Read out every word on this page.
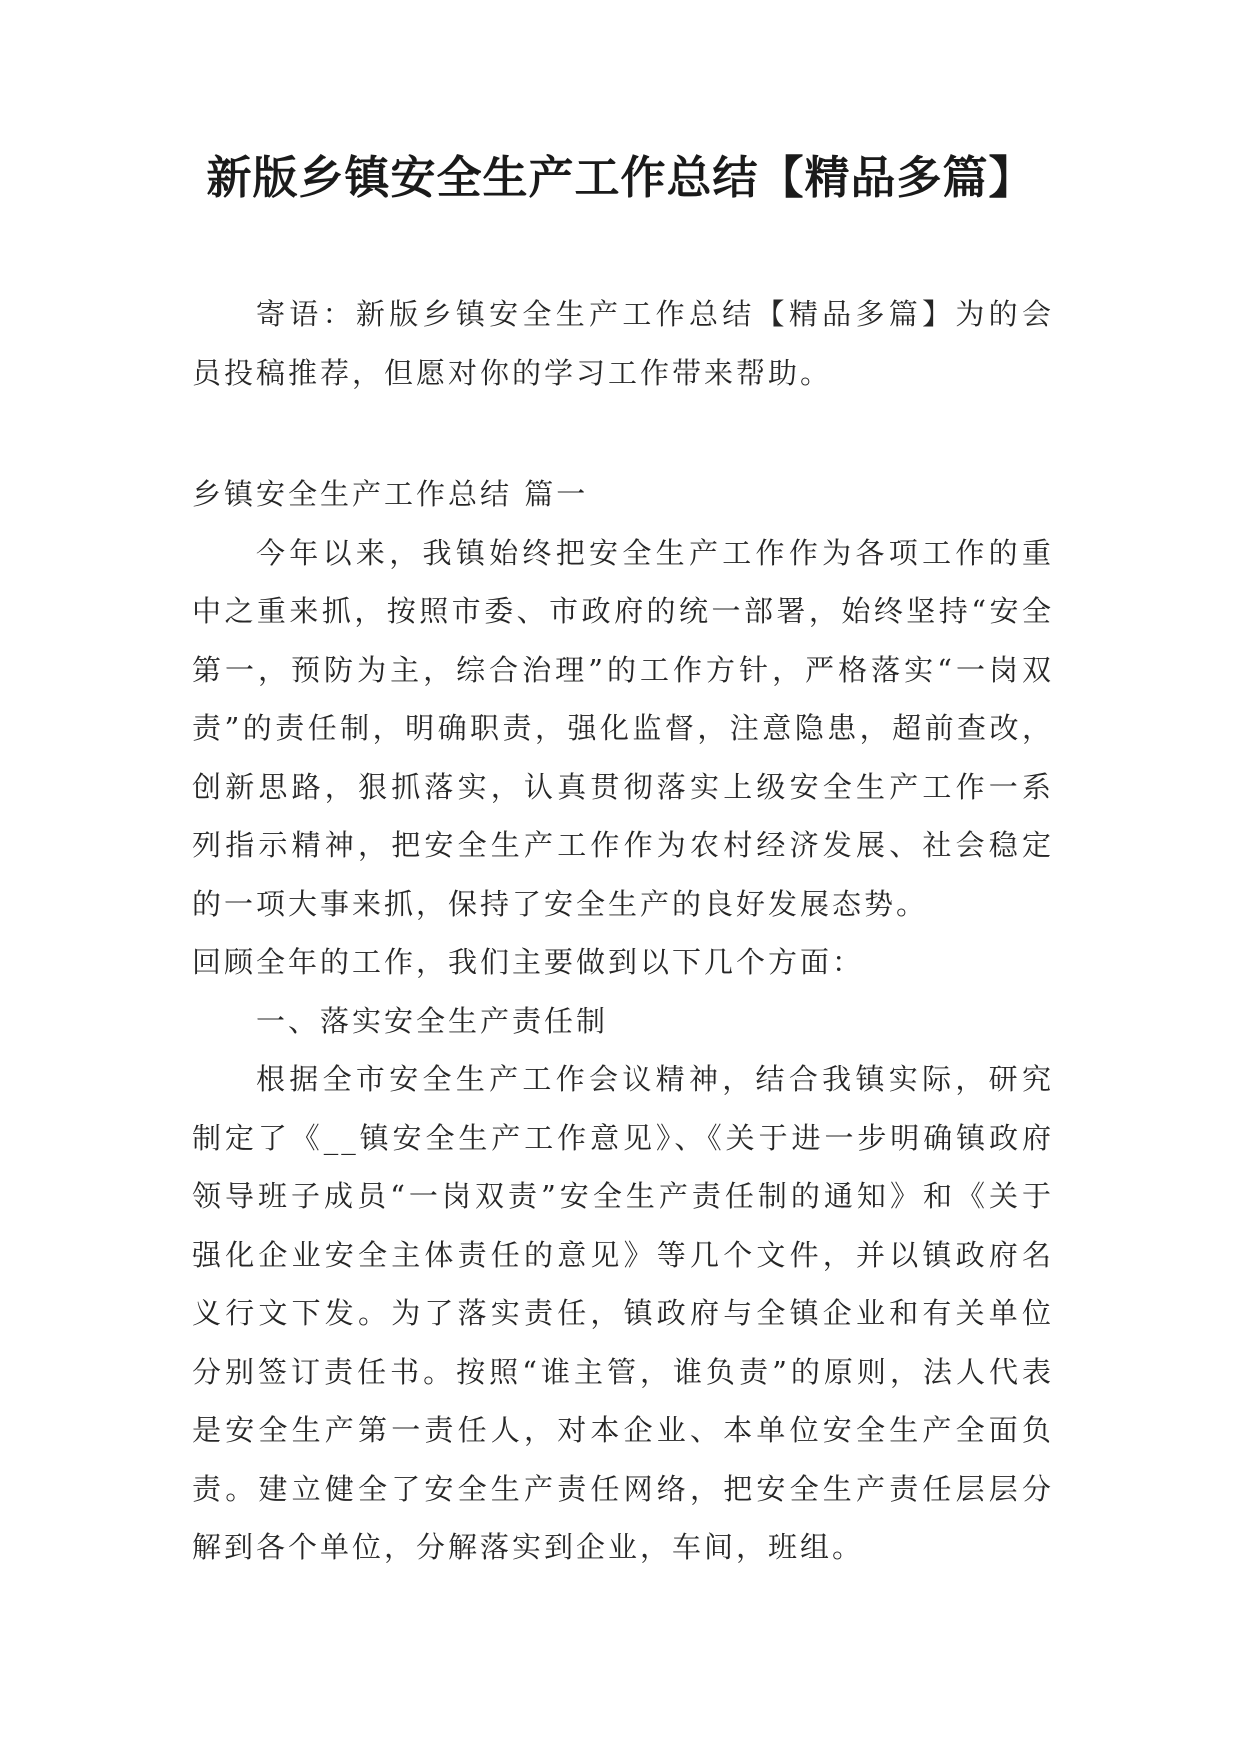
新版乡镇安全生产工作总结【精品多篇】

寄语：新版乡镇安全生产工作总结【精品多篇】为的会员投稿推荐，但愿对你的学习工作带来帮助。

乡镇安全生产工作总结 篇一

今年以来，我镇始终把安全生产工作作为各项工作的重中之重来抓，按照市委、市政府的统一部署，始终坚持“安全第一，预防为主，综合治理”的工作方针，严格落实“一岗双责”的责任制，明确职责，强化监督，注意隐患，超前查改，创新思路，狠抓落实，认真贯彻落实上级安全生产工作一系列指示精神，把安全生产工作作为农村经济发展、社会稳定的一项大事来抓，保持了安全生产的良好发展态势。

回顾全年的工作，我们主要做到以下几个方面：

一、落实安全生产责任制

根据全市安全生产工作会议精神，结合我镇实际，研究制定了《__镇安全生产工作意见》、《关于进一步明确镇政府领导班子成员“一岗双责”安全生产责任制的通知》和《关于强化企业安全主体责任的意见》等几个文件，并以镇政府名义行文下发。为了落实责任，镇政府与全镇企业和有关单位分别签订责任书。按照“谁主管，谁负责”的原则，法人代表是安全生产第一责任人，对本企业、本单位安全生产全面负责。建立健全了安全生产责任网络，把安全生产责任层层分解到各个单位，分解落实到企业，车间，班组。
